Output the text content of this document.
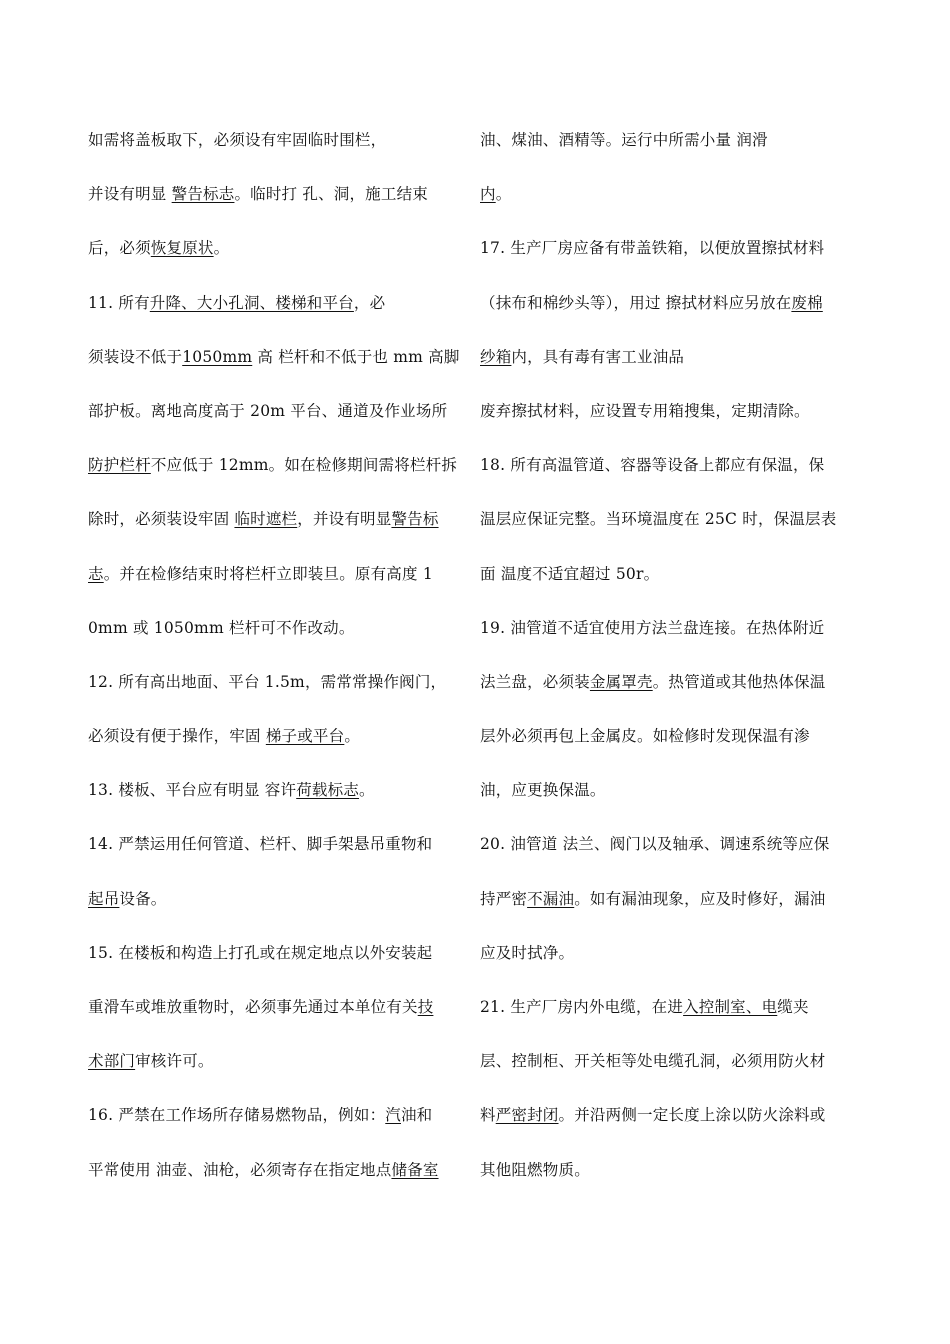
如需将盖板取下，必须设有牢固临时围栏，
并设有明显 警告标志。临时打 孔、洞，施工结束
后，必须恢复原状。
11. 所有升降、大小孔洞、楼梯和平台，必
须装设不低于1050mm 高 栏杆和不低于也 mm 高脚
部护板。离地高度高于 20m 平台、通道及作业场所
防护栏杆不应低于 12mm。如在检修期间需将栏杆拆
除时，必须装设牢固 临时遮栏，并设有明显警告标
志。并在检修结束时将栏杆立即装旦。原有高度 1
0mm 或 1050mm 栏杆可不作改动。
12. 所有高出地面、平台 1.5m，需常常操作阀门，
必须设有便于操作，牢固 梯子或平台。
13. 楼板、平台应有明显 容许荷载标志。
14. 严禁运用任何管道、栏杆、脚手架悬吊重物和
起吊设备。
15. 在楼板和构造上打孔或在规定地点以外安装起
重滑车或堆放重物时，必须事先通过本单位有关技
术部门审核许可。
16. 严禁在工作场所存储易燃物品，例如：汽油和
平常使用 油壶、油枪，必须寄存在指定地点储备室
油、煤油、酒精等。运行中所需小量 润滑
内。
17. 生产厂房应备有带盖铁箱，以便放置擦拭材料
（抹布和棉纱头等），用过 擦拭材料应另放在废棉
纱箱内，具有毒有害工业油品
废弃擦拭材料，应设置专用箱搜集，定期清除。
18. 所有高温管道、容器等设备上都应有保温，保
温层应保证完整。当环境温度在 25C 时，保温层表
面 温度不适宜超过 50r。
19. 油管道不适宜使用方法兰盘连接。在热体附近
法兰盘，必须装金属罩壳。热管道或其他热体保温
层外必须再包上金属皮。如检修时发现保温有渗
油，应更换保温。
20. 油管道 法兰、阀门以及轴承、调速系统等应保
持严密不漏油。如有漏油现象，应及时修好，漏油
应及时拭净。
21. 生产厂房内外电缆，在进入控制室、电缆夹
层、控制柜、开关柜等处电缆孔洞，必须用防火材
料严密封闭。并沿两侧一定长度上涂以防火涂料或
其他阻燃物质。
